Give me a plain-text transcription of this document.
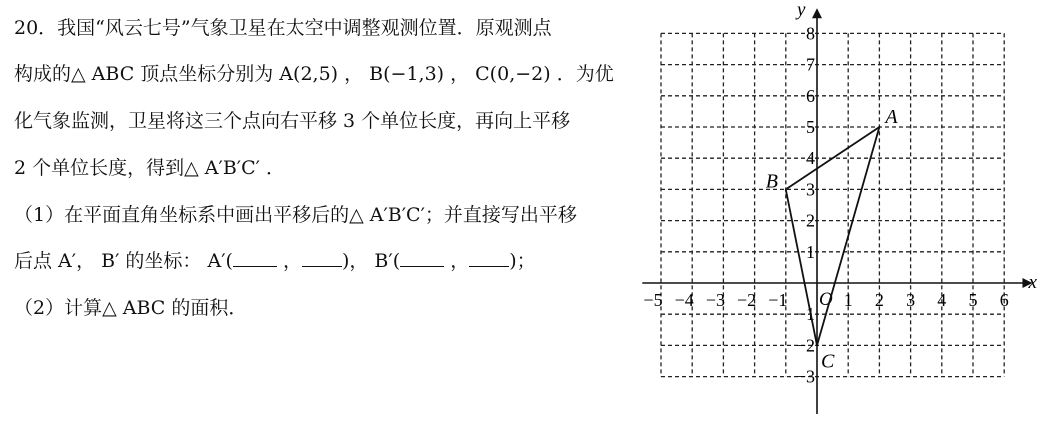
20．我国“风云七号”气象卫星在太空中调整观测位置．原观测点
构成的△ ABC 顶点坐标分别为 A(2,5) ， B(−1,3) ， C(0,−2) ．为优
化气象监测，卫星将这三个点向右平移 3 个单位长度，再向上平移
2 个单位长度，得到△ A′B′C′ ．
（1）在平面直角坐标系中画出平移后的△ A′B′C′；并直接写出平移
后点 A′， B′ 的坐标： A′(	， )， B′(	， )；
（2）计算△ ABC 的面积．
x
y
O
−5 −4 −3 −2 −1	1 2 3 4 5 6
8
7
6
5
4
3
2
1
−1
−2
−3
A
B
C
